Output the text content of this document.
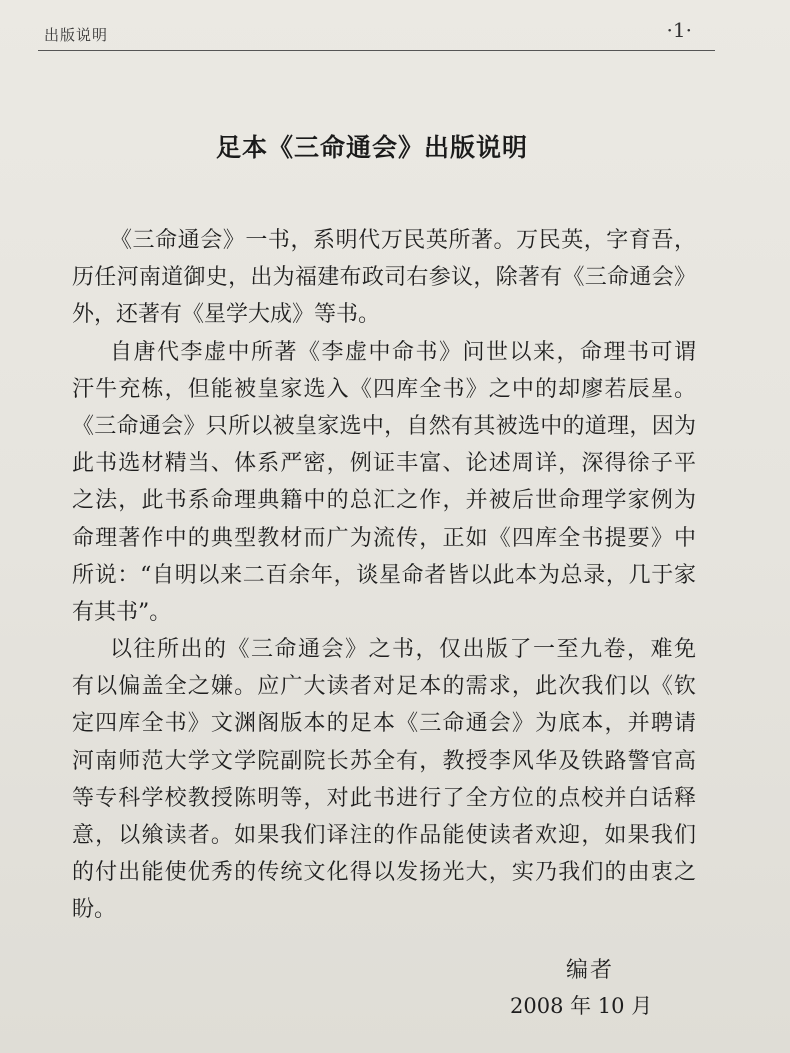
出版说明	·1·
足本《三命通会》出版说明
《三命通会》一书，系明代万民英所著。万民英，字育吾，
历任河南道御史，出为福建布政司右参议，除著有《三命通会》
外，还著有《星学大成》等书。
自唐代李虚中所著《李虚中命书》问世以来，命理书可谓
汗牛充栋，但能被皇家选入《四库全书》之中的却廖若辰星。
《三命通会》只所以被皇家选中，自然有其被选中的道理，因为
此书选材精当、体系严密，例证丰富、论述周详，深得徐子平
之法，此书系命理典籍中的总汇之作，并被后世命理学家例为
命理著作中的典型教材而广为流传，正如《四库全书提要》中
所说：“自明以来二百余年，谈星命者皆以此本为总录，几于家
有其书”。
以往所出的《三命通会》之书，仅出版了一至九卷，难免
有以偏盖全之嫌。应广大读者对足本的需求，此次我们以《钦
定四库全书》文渊阁版本的足本《三命通会》为底本，并聘请
河南师范大学文学院副院长苏全有，教授李风华及铁路警官高
等专科学校教授陈明等，对此书进行了全方位的点校并白话释
意，以飨读者。如果我们译注的作品能使读者欢迎，如果我们
的付出能使优秀的传统文化得以发扬光大，实乃我们的由衷之
盼。
编者
2008 年 10 月
